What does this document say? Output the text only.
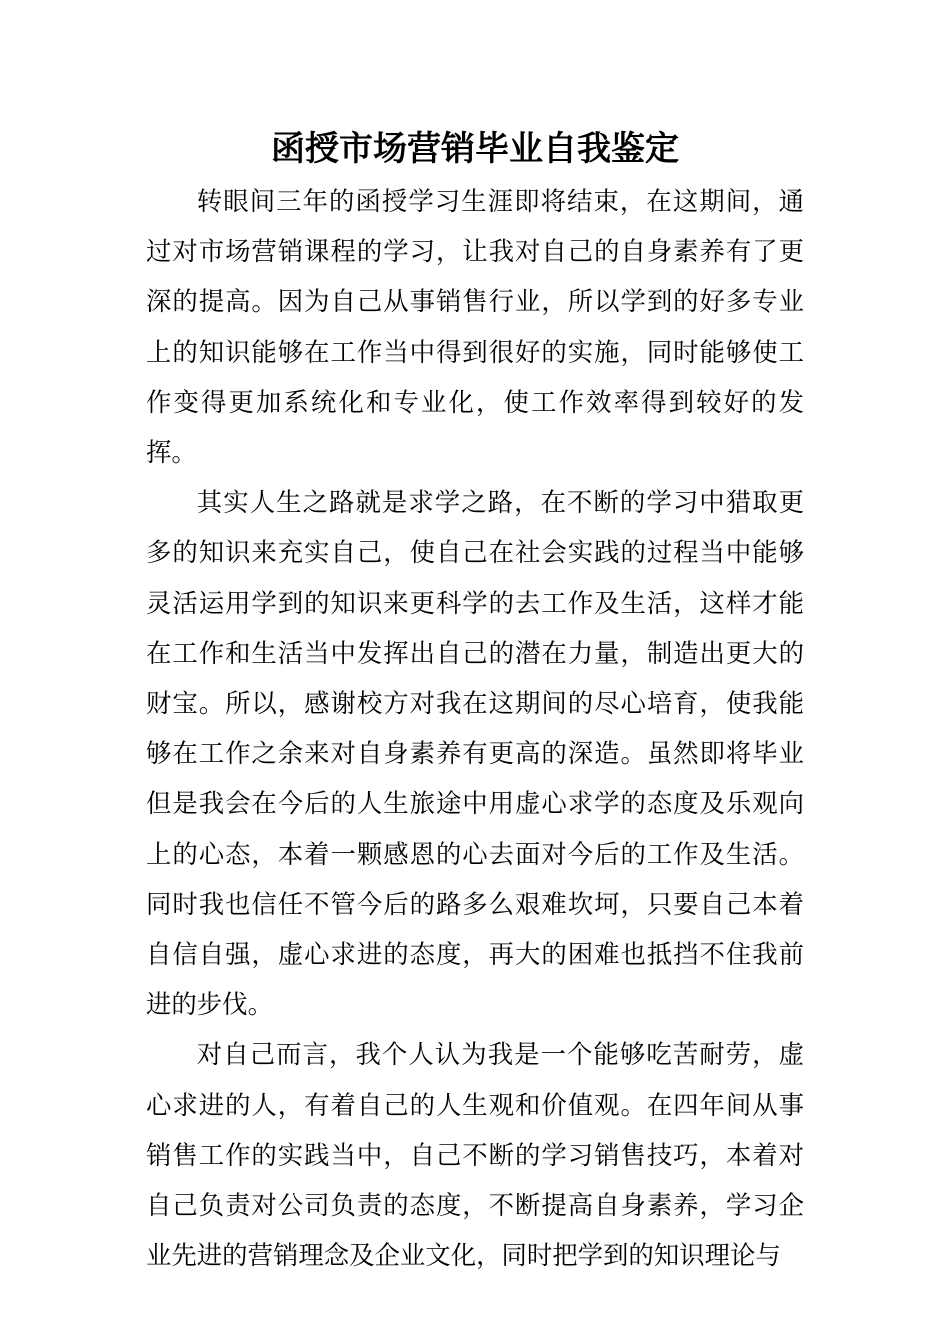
函授市场营销毕业自我鉴定

转眼间三年的函授学习生涯即将结束，在这期间，通过对市场营销课程的学习，让我对自己的自身素养有了更深的提高。因为自己从事销售行业，所以学到的好多专业上的知识能够在工作当中得到很好的实施，同时能够使工作变得更加系统化和专业化，使工作效率得到较好的发挥。

其实人生之路就是求学之路，在不断的学习中猎取更多的知识来充实自己，使自己在社会实践的过程当中能够灵活运用学到的知识来更科学的去工作及生活，这样才能在工作和生活当中发挥出自己的潜在力量，制造出更大的财宝。所以，感谢校方对我在这期间的尽心培育，使我能够在工作之余来对自身素养有更高的深造。虽然即将毕业但是我会在今后的人生旅途中用虚心求学的态度及乐观向上的心态，本着一颗感恩的心去面对今后的工作及生活。同时我也信任不管今后的路多么艰难坎坷，只要自己本着自信自强，虚心求进的态度，再大的困难也抵挡不住我前进的步伐。

对自己而言，我个人认为我是一个能够吃苦耐劳，虚心求进的人，有着自己的人生观和价值观。在四年间从事销售工作的实践当中，自己不断的学习销售技巧，本着对自己负责对公司负责的态度，不断提高自身素养，学习企业先进的营销理念及企业文化，同时把学到的知识理论与
